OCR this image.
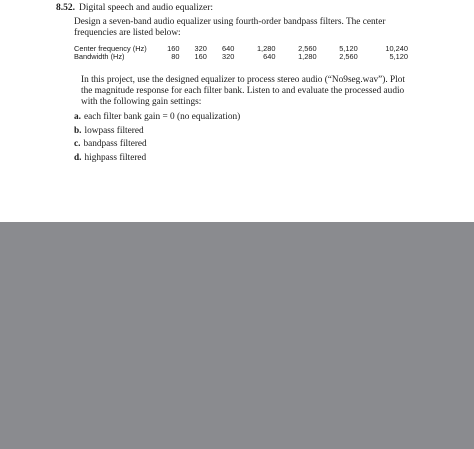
8.52. Digital speech and audio equalizer:
Design a seven-band audio equalizer using fourth-order bandpass filters. The center frequencies are listed below:
Center frequency (Hz)	160	320	640	1,280	2,560	5,120	10,240
Bandwidth (Hz)	80	160	320	640	1,280	2,560	5,120
In this project, use the designed equalizer to process stereo audio (“No9seg.wav”). Plot the magnitude response for each filter bank. Listen to and evaluate the processed audio with the following gain settings:
a. each filter bank gain = 0 (no equalization)
b. lowpass filtered
c. bandpass filtered
d. highpass filtered
